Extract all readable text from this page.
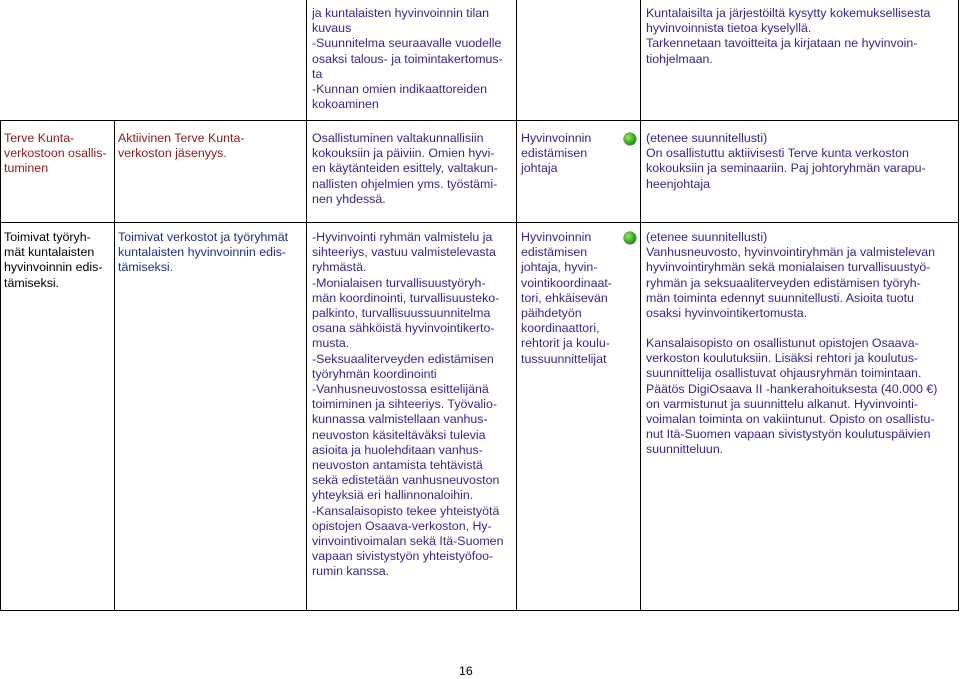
ja kuntalaisten hyvinvoinnin tilan
kuvaus
-Suunnitelma seuraavalle vuodelle
osaksi talous- ja toimintakertomus-
ta
-Kunnan omien indikaattoreiden
kokoaminen

Kuntalaisilta ja järjestöiltä kysytty kokemuksellisesta
hyvinvoinnista tietoa kyselyllä.
Tarkennetaan tavoitteita ja kirjataan ne hyvinvoin-
tiohjelmaan.

Terve Kunta-
verkostoon osallis-
tuminen

Aktiivinen Terve Kunta-
verkoston jäsenyys.

Osallistuminen valtakunnallisiin
kokouksiin ja päiviin. Omien hyvi-
en käytänteiden esittely, valtakun-
nallisten ohjelmien yms. työstämi-
nen yhdessä.

Hyvinvoinnin
edistämisen
johtaja

(etenee suunnitellusti)
On osallistuttu aktiivisesti Terve kunta verkoston
kokouksiin ja seminaariin. Paj johtoryhmän varapu-
heenjohtaja

Toimivat työryh-
mät kuntalaisten
hyvinvoinnin edis-
tämiseksi.

Toimivat verkostot ja työryhmät
kuntalaisten hyvinvoinnin edis-
tämiseksi.

-Hyvinvointi ryhmän valmistelu ja
sihteeriys, vastuu valmistelevasta
ryhmästä.
-Monialaisen turvallisuustyöryh-
män koordinointi, turvallisuusteko-
palkinto, turvallisuussuunnitelma
osana sähköistä hyvinvointikerto-
musta.
-Seksuaaliterveyden edistämisen
työryhmän koordinointi
-Vanhusneuvostossa esittelijänä
toimiminen ja sihteeriys. Työvalio-
kunnassa valmistellaan vanhus-
neuvoston käsiteltäväksi tulevia
asioita ja huolehditaan vanhus-
neuvoston antamista tehtävistä
sekä edistetään vanhusneuvoston
yhteyksiä eri hallinnonaloihin.
-Kansalaisopisto tekee yhteistyötä
opistojen Osaava-verkoston, Hy-
vinvointivoimalan sekä Itä-Suomen
vapaan sivistystyön yhteistyöfoo-
rumin kanssa.

Hyvinvoinnin
edistämisen
johtaja, hyvin-
vointikoordinaat-
tori, ehkäisevän
päihdetyön
koordinaattori,
rehtorit ja koulu-
tussuunnittelijat

(etenee suunnitellusti)
Vanhusneuvosto, hyvinvointiryhmän ja valmistelevan
hyvinvointiryhmän sekä monialaisen turvallisuustyö-
ryhmän ja seksuaaliterveyden edistämisen työryh-
män toiminta edennyt suunnitellusti. Asioita tuotu
osaksi hyvinvointikertomusta.

Kansalaisopisto on osallistunut opistojen Osaava-
verkoston koulutuksiin. Lisäksi rehtori ja koulutus-
suunnittelija osallistuvat ohjausryhmän toimintaan.
Päätös DigiOsaava II -hankerahoituksesta (40.000 €)
on varmistunut ja suunnittelu alkanut. Hyvinvointi-
voimalan toiminta on vakiintunut. Opisto on osallistu-
nut Itä-Suomen vapaan sivistystyön koulutuspäivien
suunnitteluun.

16
